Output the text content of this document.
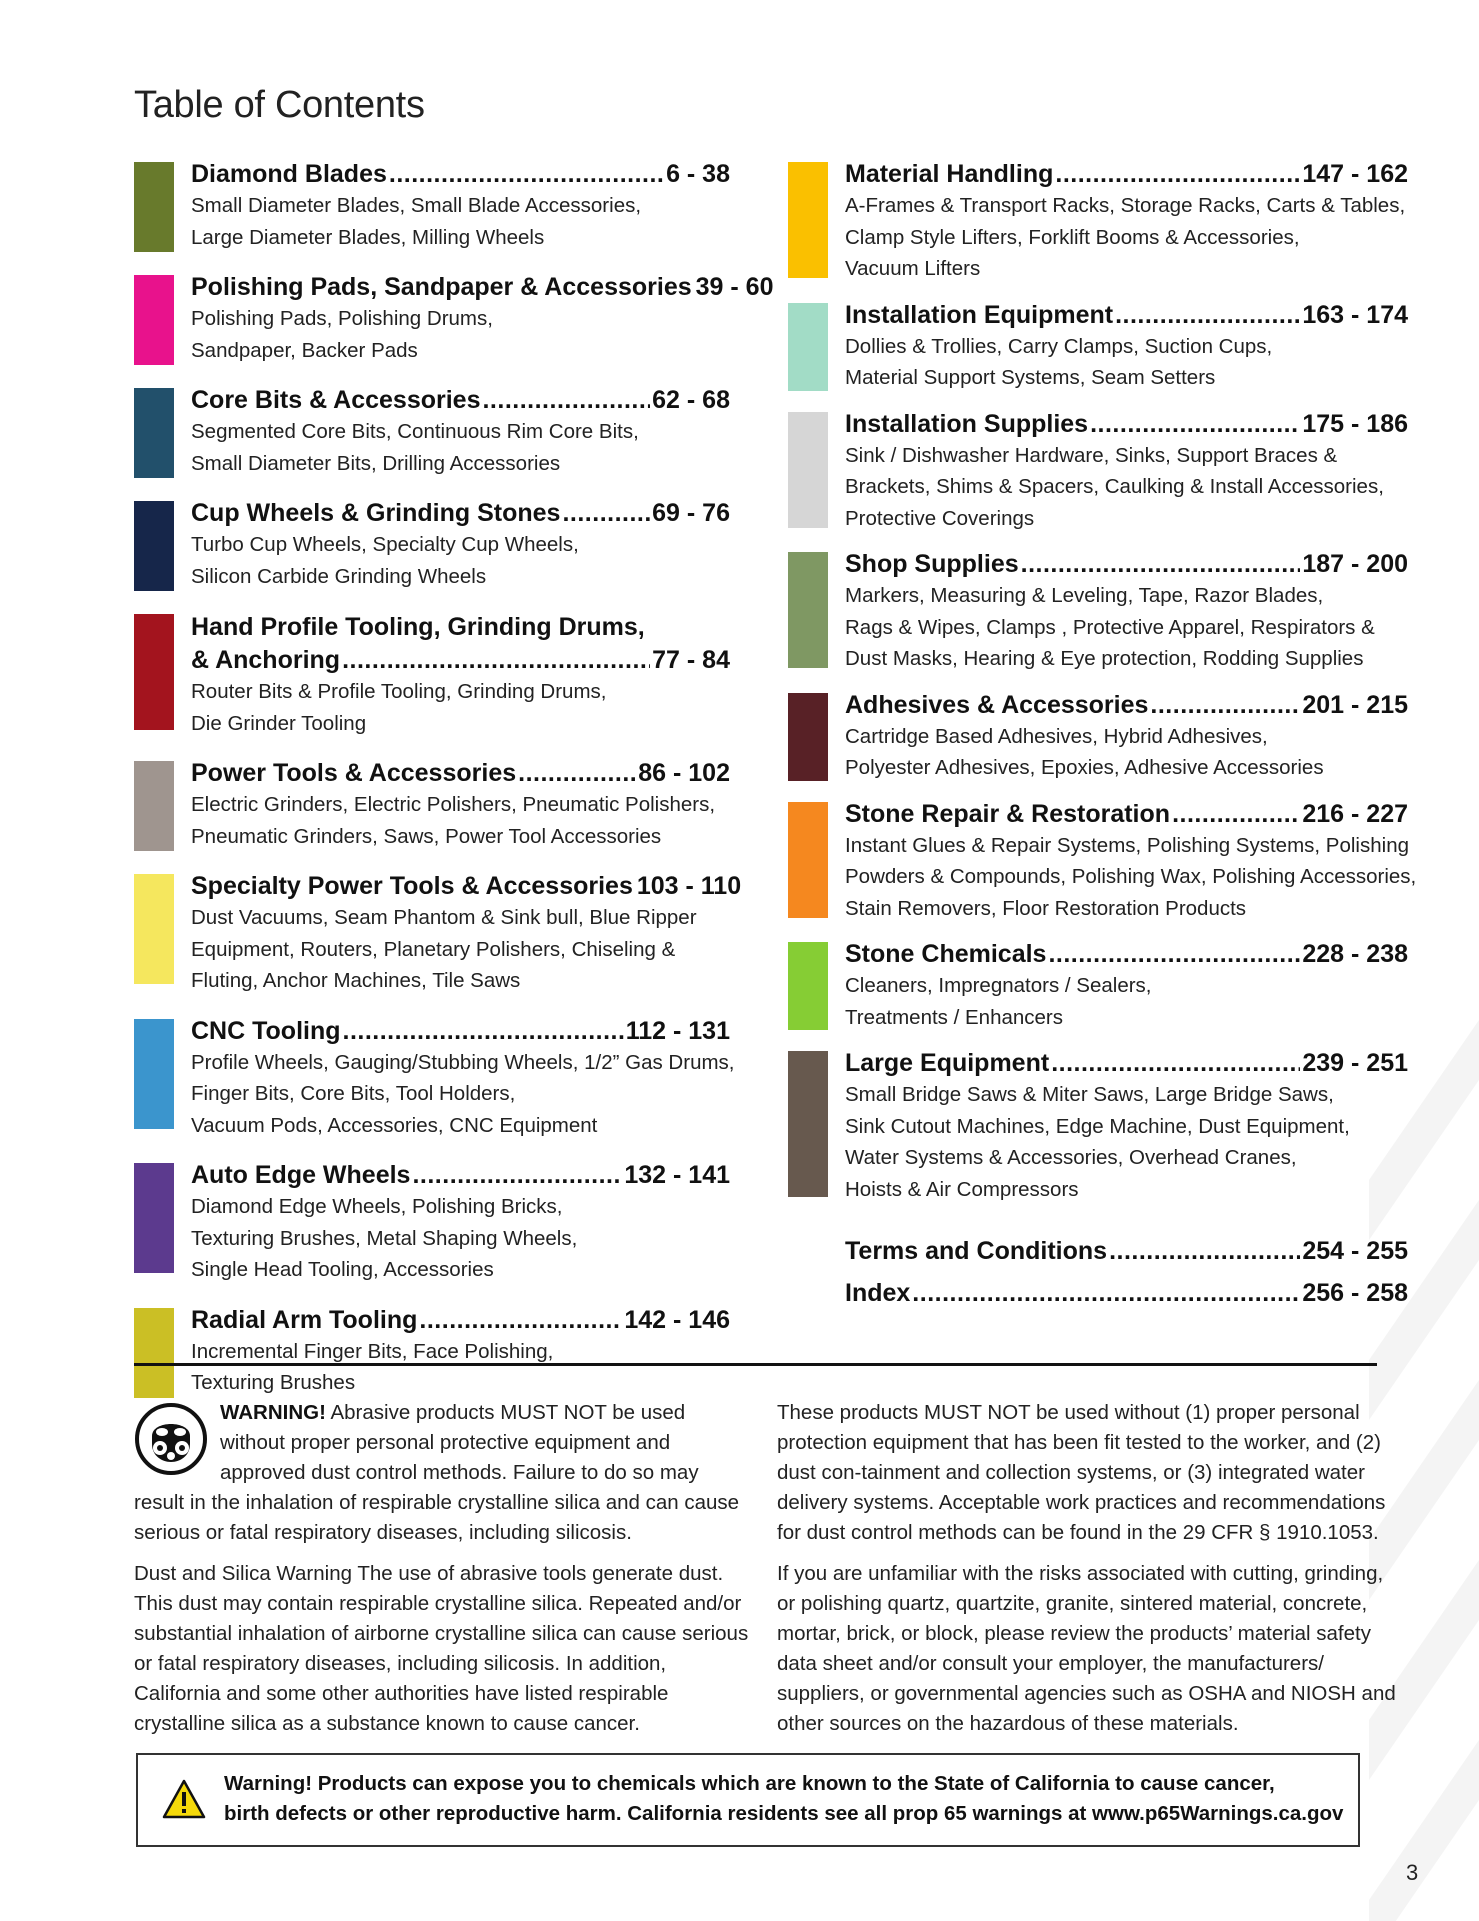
Table of Contents
Diamond Blades .....	6 - 38
Small Diameter Blades, Small Blade Accessories,
Large Diameter Blades, Milling Wheels
Polishing Pads, Sandpaper & Accessories 39 - 60
Polishing Pads, Polishing Drums,
Sandpaper, Backer Pads
Core Bits & Accessories .....	62 - 68
Segmented Core Bits, Continuous Rim Core Bits,
Small Diameter Bits, Drilling Accessories
Cup Wheels & Grinding Stones .....	69 - 76
Turbo Cup Wheels, Specialty Cup Wheels,
Silicon Carbide Grinding Wheels
Hand Profile Tooling, Grinding Drums,
& Anchoring .....	77 - 84
Router Bits & Profile Tooling, Grinding Drums,
Die Grinder Tooling
Power Tools & Accessories .....	86 - 102
Electric Grinders, Electric Polishers, Pneumatic Polishers,
Pneumatic Grinders, Saws, Power Tool Accessories
Specialty Power Tools & Accessories 103 - 110
Dust Vacuums, Seam Phantom & Sink bull, Blue Ripper
Equipment, Routers, Planetary Polishers, Chiseling &
Fluting, Anchor Machines, Tile Saws
CNC Tooling .....	112 - 131
Profile Wheels, Gauging/Stubbing Wheels, 1/2” Gas Drums,
Finger Bits, Core Bits, Tool Holders,
Vacuum Pods, Accessories, CNC Equipment
Auto Edge Wheels .....	132 - 141
Diamond Edge Wheels, Polishing Bricks,
Texturing Brushes, Metal Shaping Wheels,
Single Head Tooling, Accessories
Radial Arm Tooling .....	142 - 146
Incremental Finger Bits, Face Polishing,
Texturing Brushes
Material Handling .....	147 - 162
A-Frames & Transport Racks, Storage Racks, Carts & Tables,
Clamp Style Lifters, Forklift Booms & Accessories,
Vacuum Lifters
Installation Equipment .....	163 - 174
Dollies & Trollies, Carry Clamps, Suction Cups,
Material Support Systems, Seam Setters
Installation Supplies .....	175 - 186
Sink / Dishwasher Hardware, Sinks, Support Braces &
Brackets, Shims & Spacers, Caulking & Install Accessories,
Protective Coverings
Shop Supplies .....	187 - 200
Markers, Measuring & Leveling, Tape, Razor Blades,
Rags & Wipes, Clamps , Protective Apparel, Respirators &
Dust Masks, Hearing & Eye protection, Rodding Supplies
Adhesives & Accessories .....	201 - 215
Cartridge Based Adhesives, Hybrid Adhesives,
Polyester Adhesives, Epoxies, Adhesive Accessories
Stone Repair & Restoration .....	216 - 227
Instant Glues & Repair Systems, Polishing Systems, Polishing
Powders & Compounds, Polishing Wax, Polishing Accessories,
Stain Removers, Floor Restoration Products
Stone Chemicals .....	228 - 238
Cleaners, Impregnators / Sealers,
Treatments / Enhancers
Large Equipment .....	239 - 251
Small Bridge Saws & Miter Saws, Large Bridge Saws,
Sink Cutout Machines, Edge Machine, Dust Equipment,
Water Systems & Accessories, Overhead Cranes,
Hoists & Air Compressors
Terms and Conditions .....	254 - 255
Index .....	256 - 258

WARNING! Abrasive products MUST NOT be used without proper personal protective equipment and approved dust control methods. Failure to do so may result in the inhalation of respirable crystalline silica and can cause serious or fatal respiratory diseases, including silicosis.

Dust and Silica Warning The use of abrasive tools generate dust. This dust may contain respirable crystalline silica. Repeated and/or substantial inhalation of airborne crystalline silica can cause serious or fatal respiratory diseases, including silicosis. In addition, California and some other authorities have listed respirable crystalline silica as a substance known to cause cancer.

These products MUST NOT be used without (1) proper personal protection equipment that has been fit tested to the worker, and (2) dust con-tainment and collection systems, or (3) integrated water delivery systems. Acceptable work practices and recommendations for dust control methods can be found in the 29 CFR § 1910.1053.

If you are unfamiliar with the risks associated with cutting, grinding, or polishing quartz, quartzite, granite, sintered material, concrete, mortar, brick, or block, please review the products’ material safety data sheet and/or consult your employer, the manufacturers/ suppliers, or governmental agencies such as OSHA and NIOSH and other sources on the hazardous of these materials.

Warning! Products can expose you to chemicals which are known to the State of California to cause cancer,
birth defects or other reproductive harm. California residents see all prop 65 warnings at www.p65Warnings.ca.gov
3
